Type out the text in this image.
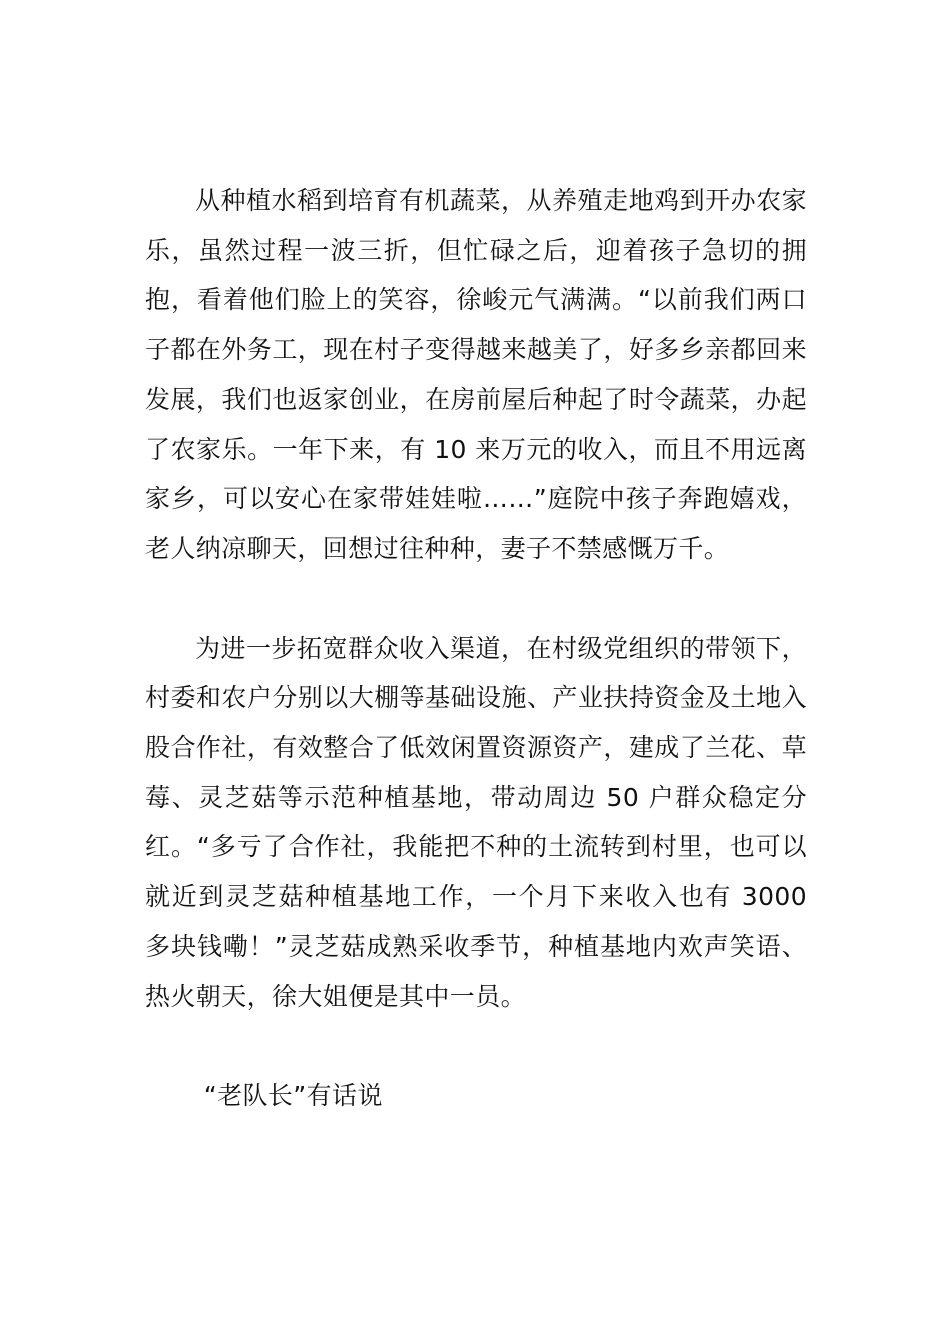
从种植水稻到培育有机蔬菜，从养殖走地鸡到开办农家乐，虽然过程一波三折，但忙碌之后，迎着孩子急切的拥抱，看着他们脸上的笑容，徐峻元气满满。“以前我们两口子都在外务工，现在村子变得越来越美了，好多乡亲都回来发展，我们也返家创业，在房前屋后种起了时令蔬菜，办起了农家乐。一年下来，有 10 来万元的收入，而且不用远离家乡，可以安心在家带娃娃啦……”庭院中孩子奔跑嬉戏，老人纳凉聊天，回想过往种种，妻子不禁感慨万千。

为进一步拓宽群众收入渠道，在村级党组织的带领下，村委和农户分别以大棚等基础设施、产业扶持资金及土地入股合作社，有效整合了低效闲置资源资产，建成了兰花、草莓、灵芝菇等示范种植基地，带动周边 50 户群众稳定分红。“多亏了合作社，我能把不种的土流转到村里，也可以就近到灵芝菇种植基地工作，一个月下来收入也有 3000 多块钱嘞！”灵芝菇成熟采收季节，种植基地内欢声笑语、热火朝天，徐大姐便是其中一员。

“老队长”有话说
